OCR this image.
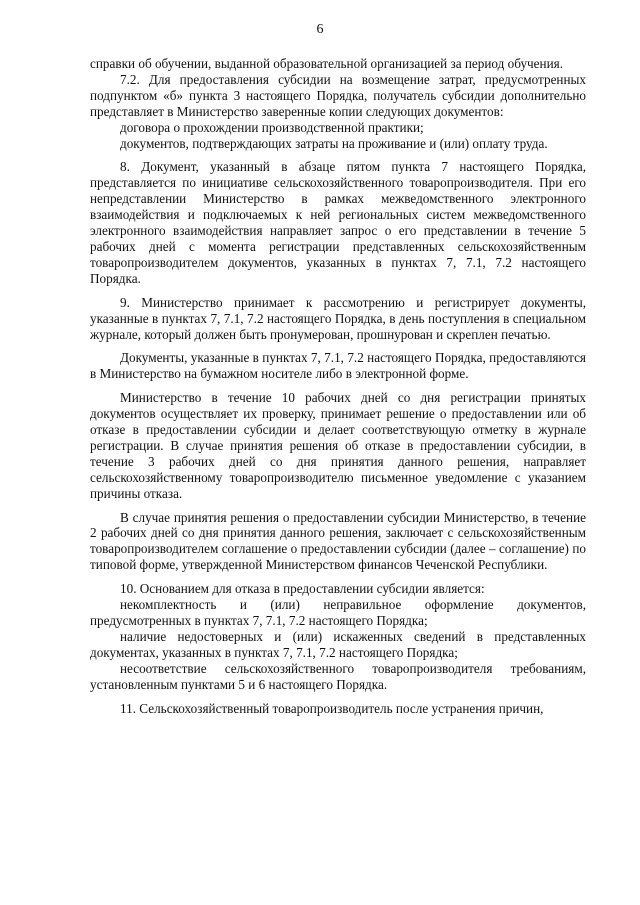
6

справки об обучении, выданной образовательной организацией за период обучения.

7.2. Для предоставления субсидии на возмещение затрат, предусмотренных подпунктом «б» пункта 3 настоящего Порядка, получатель субсидии дополнительно представляет в Министерство заверенные копии следующих документов:

договора о прохождении производственной практики;

документов, подтверждающих затраты на проживание и (или) оплату труда.

8. Документ, указанный в абзаце пятом пункта 7 настоящего Порядка, представляется по инициативе сельскохозяйственного товаропроизводителя. При его непредставлении Министерство в рамках межведомственного электронного взаимодействия и подключаемых к ней региональных систем межведомственного электронного взаимодействия направляет запрос о его представлении в течение 5 рабочих дней с момента регистрации представленных сельскохозяйственным товаропроизводителем документов, указанных в пунктах 7, 7.1, 7.2 настоящего Порядка.

9. Министерство принимает к рассмотрению и регистрирует документы, указанные в пунктах 7, 7.1, 7.2 настоящего Порядка, в день поступления в специальном журнале, который должен быть пронумерован, прошнурован и скреплен печатью.

Документы, указанные в пунктах 7, 7.1, 7.2 настоящего Порядка, предоставляются в Министерство на бумажном носителе либо в электронной форме.

Министерство в течение 10 рабочих дней со дня регистрации принятых документов осуществляет их проверку, принимает решение о предоставлении или об отказе в предоставлении субсидии и делает соответствующую отметку в журнале регистрации. В случае принятия решения об отказе в предоставлении субсидии, в течение 3 рабочих дней со дня принятия данного решения, направляет сельскохозяйственному товаропроизводителю письменное уведомление с указанием причины отказа.

В случае принятия решения о предоставлении субсидии Министерство, в течение 2 рабочих дней со дня принятия данного решения, заключает с сельскохозяйственным товаропроизводителем соглашение о предоставлении субсидии (далее – соглашение) по типовой форме, утвержденной Министерством финансов Чеченской Республики.

10. Основанием для отказа в предоставлении субсидии является:

некомплектность и (или) неправильное оформление документов, предусмотренных в пунктах 7, 7.1, 7.2 настоящего Порядка;

наличие недостоверных и (или) искаженных сведений в представленных документах, указанных в пунктах 7, 7.1, 7.2 настоящего Порядка;

несоответствие сельскохозяйственного товаропроизводителя требованиям, установленным пунктами 5 и 6 настоящего Порядка.

11. Сельскохозяйственный товаропроизводитель после устранения причин,
